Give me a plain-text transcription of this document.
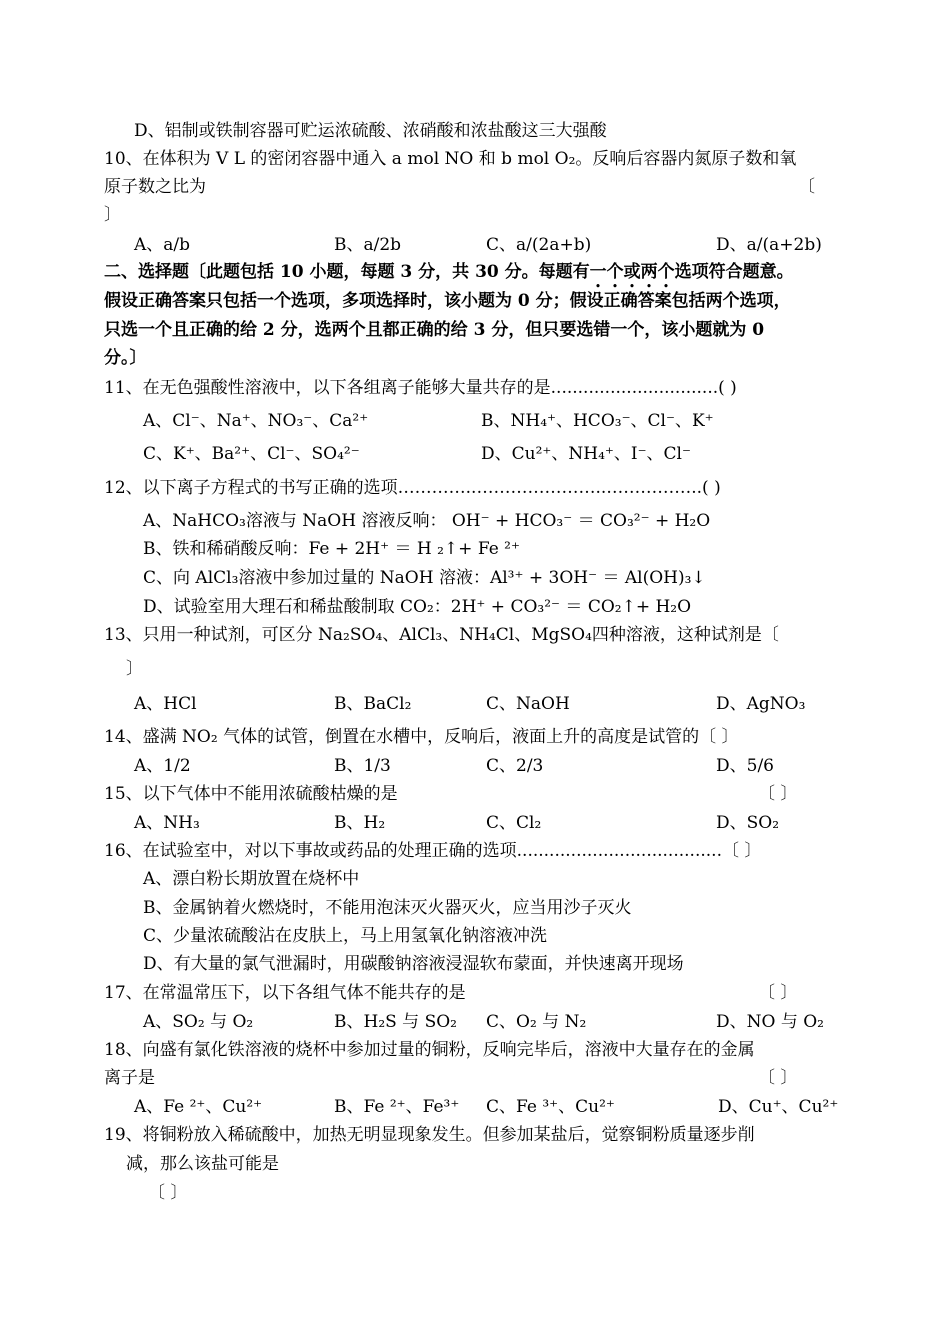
D、铝制或铁制容器可贮运浓硫酸、浓硝酸和浓盐酸这三大强酸
10、在体积为 V L 的密闭容器中通入 a mol NO 和 b mol O₂。反响后容器内氮原子数和氧
原子数之比为	〔
〕
A、a/b	B、a/2b	C、a/(2a+b)	D、a/(a+2b)
二、选择题〔此题包括 10 小题，每题 3 分，共 30 分。每题有一个或两个选项符合题意。
假设正确答案只包括一个选项，多项选择时，该小题为 0 分；假设正确答案包括两个选项，
只选一个且正确的给 2 分，选两个且都正确的给 3 分，但只要选错一个，该小题就为 0
分。〕
11、在无色强酸性溶液中，以下各组离子能够大量共存的是...............................( )
A、Cl⁻、Na⁺、NO₃⁻、Ca²⁺	B、NH₄⁺、HCO₃⁻、Cl⁻、K⁺
C、K⁺、Ba²⁺、Cl⁻、SO₄²⁻	D、Cu²⁺、NH₄⁺、I⁻、Cl⁻
12、以下离子方程式的书写正确的选项…………..…………………..……………..( )
A、NaHCO₃溶液与 NaOH 溶液反响： OH⁻ + HCO₃⁻ ＝ CO₃²⁻ + H₂O
B、铁和稀硝酸反响：Fe + 2H⁺ ＝ H ₂↑+ Fe ²⁺
C、向 AlCl₃溶液中参加过量的 NaOH 溶液：Al³⁺ + 3OH⁻ ＝ Al(OH)₃↓
D、试验室用大理石和稀盐酸制取 CO₂：2H⁺ + CO₃²⁻ ＝ CO₂↑+ H₂O
13、只用一种试剂，可区分 Na₂SO₄、AlCl₃、NH₄Cl、MgSO₄四种溶液，这种试剂是〔
〕
A、HCl	B、BaCl₂	C、NaOH	D、AgNO₃
14、盛满 NO₂ 气体的试管，倒置在水槽中，反响后，液面上升的高度是试管的〔 〕
A、1/2	B、1/3	C、2/3	D、5/6
15、以下气体中不能用浓硫酸枯燥的是	〔 〕
A、NH₃	B、H₂	C、Cl₂	D、SO₂
16、在试验室中，对以下事故或药品的处理正确的选项......................................〔 〕
A、漂白粉长期放置在烧杯中
B、金属钠着火燃烧时，不能用泡沫灭火器灭火，应当用沙子灭火
C、少量浓硫酸沾在皮肤上，马上用氢氧化钠溶液冲洗
D、有大量的氯气泄漏时，用碳酸钠溶液浸湿软布蒙面，并快速离开现场
17、在常温常压下，以下各组气体不能共存的是	〔 〕
A、SO₂ 与 O₂	B、H₂S 与 SO₂ C、O₂ 与 N₂	D、NO 与 O₂
18、向盛有氯化铁溶液的烧杯中参加过量的铜粉，反响完毕后，溶液中大量存在的金属
离子是	〔 〕
A、Fe ²⁺、Cu²⁺	B、Fe ²⁺、Fe³⁺ C、Fe ³⁺、Cu²⁺	D、Cu⁺、Cu²⁺
19、将铜粉放入稀硫酸中，加热无明显现象发生。但参加某盐后，觉察铜粉质量逐步削
减，那么该盐可能是
〔 〕
